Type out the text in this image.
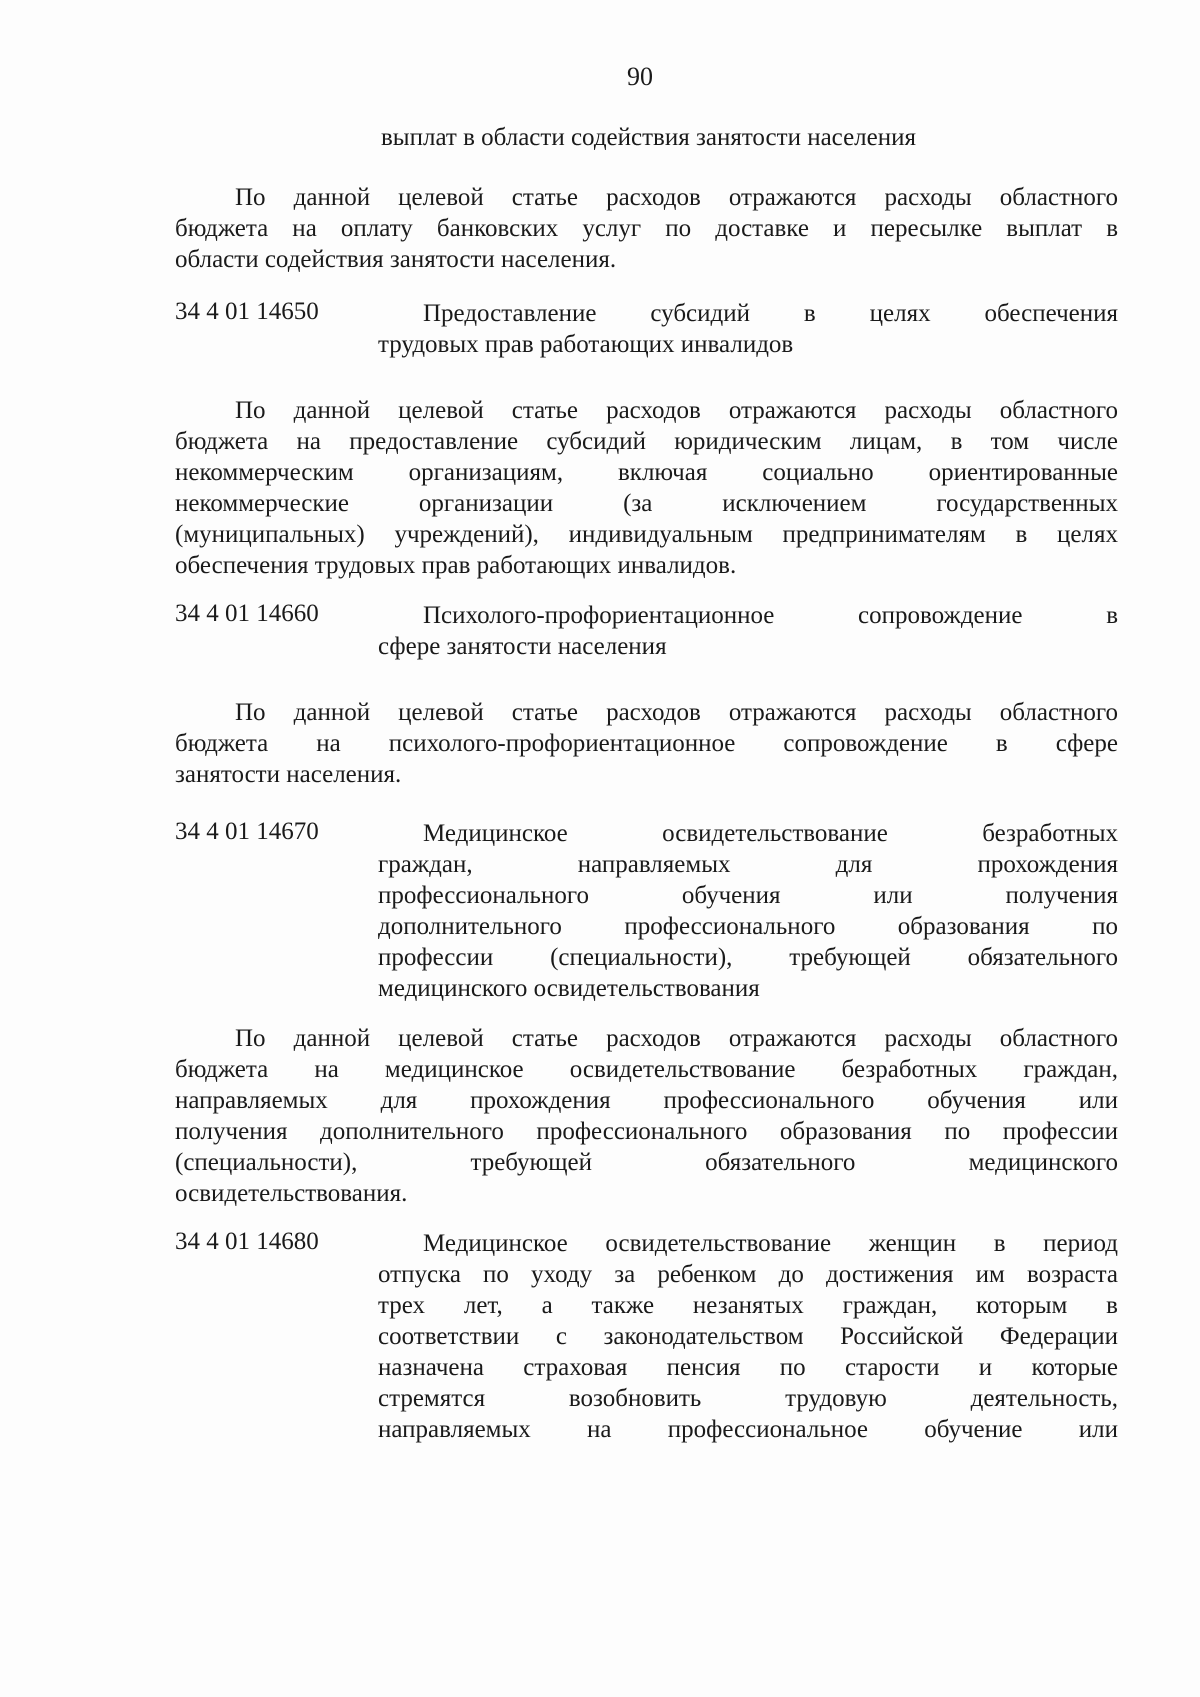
90
выплат в области содействия занятости населения
По данной целевой статье расходов отражаются расходы областного
бюджета на оплату банковских услуг по доставке и пересылке выплат в
области содействия занятости населения.
34 4 01 14650	Предоставление субсидий в целях обеспечения
трудовых прав работающих инвалидов
По данной целевой статье расходов отражаются расходы областного
бюджета на предоставление субсидий юридическим лицам, в том числе
некоммерческим организациям, включая социально ориентированные
некоммерческие организации (за исключением государственных
(муниципальных) учреждений), индивидуальным предпринимателям в целях
обеспечения трудовых прав работающих инвалидов.
34 4 01 14660	Психолого-профориентационное сопровождение в
сфере занятости населения
По данной целевой статье расходов отражаются расходы областного
бюджета на психолого-профориентационное сопровождение в сфере
занятости населения.
34 4 01 14670	Медицинское освидетельствование безработных
граждан, направляемых для прохождения
профессионального обучения или получения
дополнительного профессионального образования по
профессии (специальности), требующей обязательного
медицинского освидетельствования
По данной целевой статье расходов отражаются расходы областного
бюджета на медицинское освидетельствование безработных граждан,
направляемых для прохождения профессионального обучения или
получения дополнительного профессионального образования по профессии
(специальности), требующей обязательного медицинского
освидетельствования.
34 4 01 14680	Медицинское освидетельствование женщин в период
отпуска по уходу за ребенком до достижения им возраста
трех лет, а также незанятых граждан, которым в
соответствии с законодательством Российской Федерации
назначена страховая пенсия по старости и которые
стремятся возобновить трудовую деятельность,
направляемых на профессиональное обучение или
